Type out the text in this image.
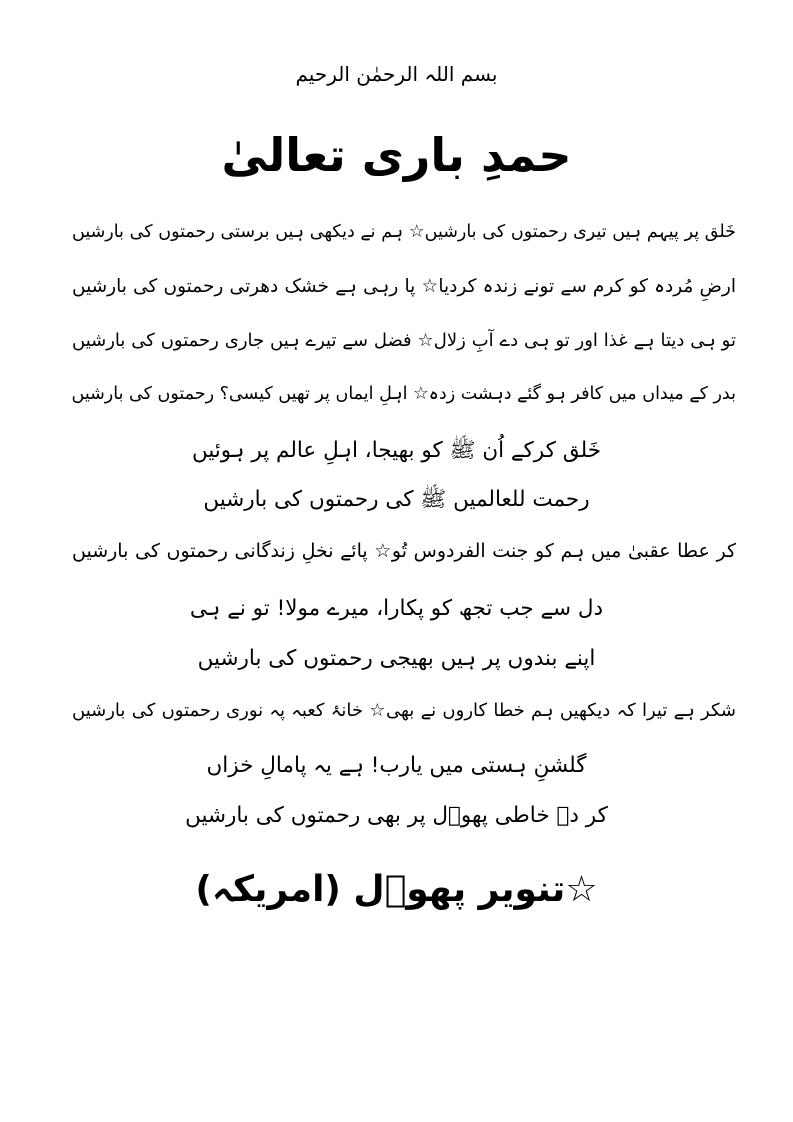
بسم اللہ الرحمٰن الرحیم
حمدِ باری تعالیٰ
خَلق پر پیہم ہیں تیری رحمتوں کی بارشیں☆ ہم نے دیکھی ہیں برستی رحمتوں کی بارشیں
ارضِ مُردہ کو کرم سے تونے زندہ کردیا☆ پا رہی ہے خشک دھرتی رحمتوں کی بارشیں
تو ہی دیتا ہے غذا اور تو ہی دے آبِ زلال☆ فضل سے تیرے ہیں جاری رحمتوں کی بارشیں
بدر کے میداں میں کافر ہو گئے دہشت زدہ☆ اہلِ ایماں پر تھیں کیسی؟ رحمتوں کی بارشیں
خَلق کرکے اُن ﷺ کو بھیجا، اہلِ عالم پر ہوئیں
رحمت للعالمیں ﷺ کی رحمتوں کی بارشیں
کر عطا عقبیٰ میں ہم کو جنت الفردوس تُو☆ پائے نخلِ زندگانی رحمتوں کی بارشیں
دل سے جب تجھ کو پکارا، میرے مولا! تو نے ہی
اپنے بندوں پر ہیں بھیجی رحمتوں کی بارشیں
شکر ہے تیرا کہ دیکھیں ہم خطا کاروں نے بھی☆ خانۂ کعبہ پہ نوری رحمتوں کی بارشیں
گلشنِ ہستی میں یارب! ہے یہ پامالِ خزاں
کر دے خاطی پھوؔل پر بھی رحمتوں کی بارشیں
☆تنویر پھوؔل (امریکہ)
